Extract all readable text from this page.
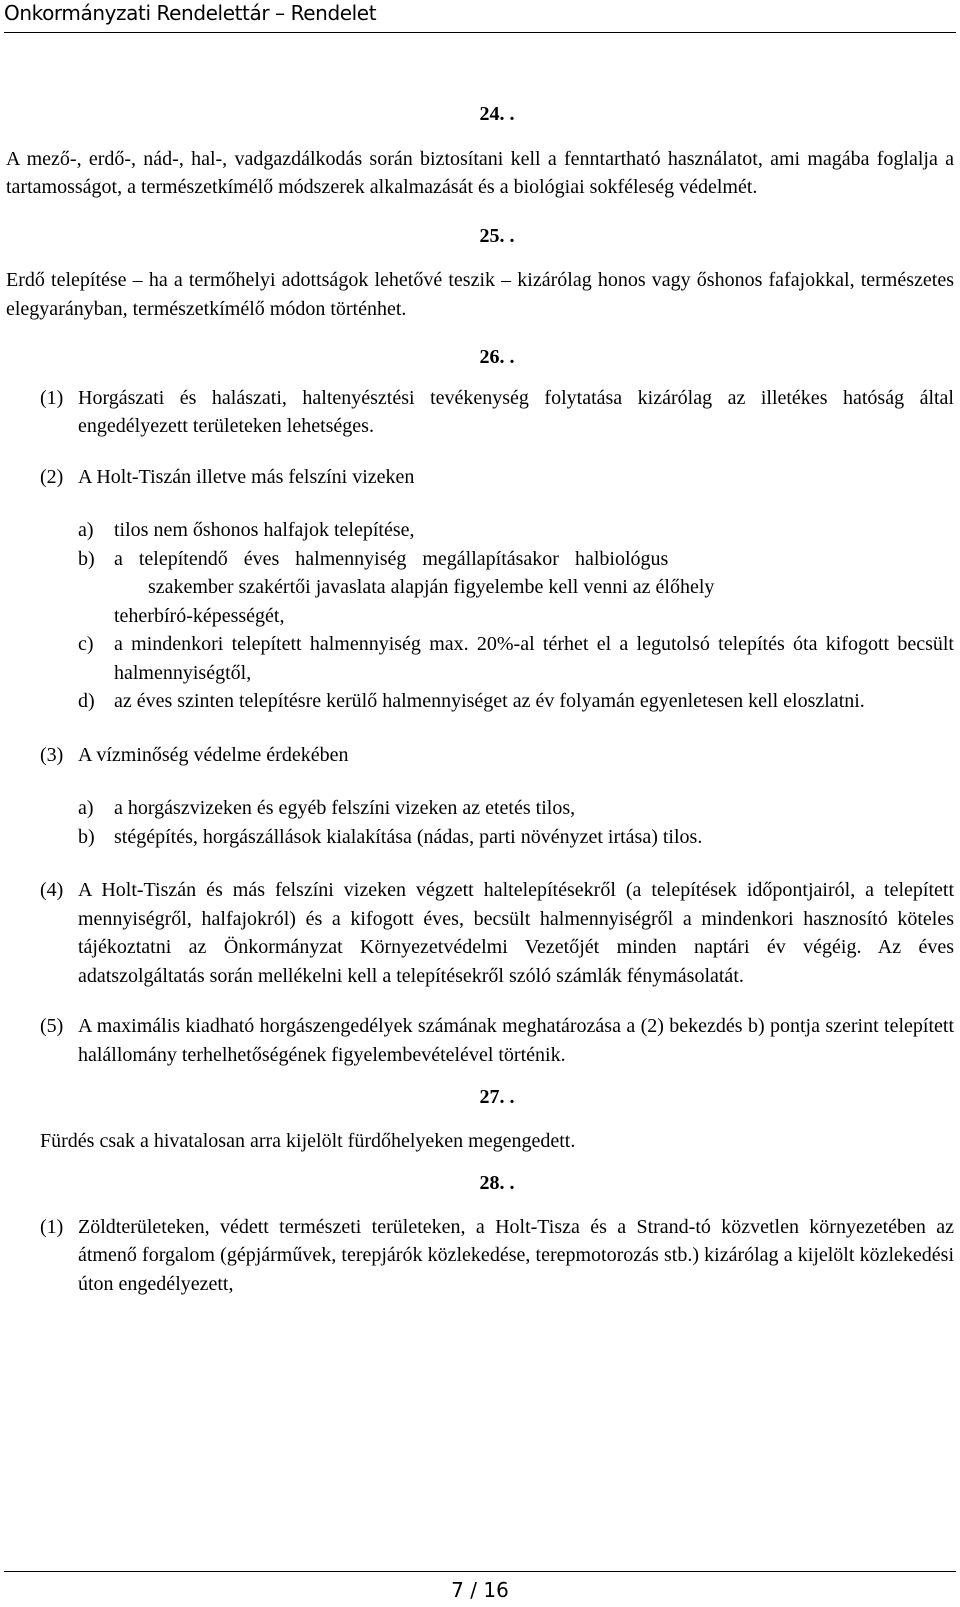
Onkormányzati Rendelettár – Rendelet
24. .

A mező-, erdő-, nád-, hal-, vadgazdálkodás során biztosítani kell a fenntartható használatot, ami magába foglalja a tartamosságot, a természetkímélő módszerek alkalmazását és a biológiai sokféleség védelmét.

25. .

Erdő telepítése – ha a termőhelyi adottságok lehetővé teszik – kizárólag honos vagy őshonos fafajokkal, természetes elegyarányban, természetkímélő módon történhet.

26. .
(1) Horgászati és halászati, haltenyésztési tevékenység folytatása kizárólag az illetékes hatóság által engedélyezett területeken lehetséges.
(2) A Holt-Tiszán illetve más felszíni vizeken
a) tilos nem őshonos halfajok telepítése,
b) a telepítendő éves halmennyiség megállapításakor halbiológus
szakember szakértői javaslata alapján figyelembe kell venni az élőhely
teherbíró-képességét,
c) a mindenkori telepített halmennyiség max. 20%-al térhet el a legutolsó telepítés óta kifogott becsült halmennyiségtől,
d) az éves szinten telepítésre kerülő halmennyiséget az év folyamán egyenletesen kell eloszlatni.
(3) A vízminőség védelme érdekében
a) a horgászvizeken és egyéb felszíni vizeken az etetés tilos,
b) stégépítés, horgászállások kialakítása (nádas, parti növényzet irtása) tilos.
(4) A Holt-Tiszán és más felszíni vizeken végzett haltelepítésekről (a telepítések időpontjairól, a telepített mennyiségről, halfajokról) és a kifogott éves, becsült halmennyiségről a mindenkori hasznosító köteles tájékoztatni az Önkormányzat Környezetvédelmi Vezetőjét minden naptári év végéig. Az éves adatszolgáltatás során mellékelni kell a telepítésekről szóló számlák fénymásolatát.
(5) A maximális kiadható horgászengedélyek számának meghatározása a (2) bekezdés b) pontja szerint telepített halállomány terhelhetőségének figyelembevételével történik.
27. .
Fürdés csak a hivatalosan arra kijelölt fürdőhelyeken megengedett.
28. .
(1) Zöldterületeken, védett természeti területeken, a Holt-Tisza és a Strand-tó közvetlen környezetében az átmenő forgalom (gépjárművek, terepjárók közlekedése, terepmotorozás stb.) kizárólag a kijelölt közlekedési úton engedélyezett,
7 / 16
